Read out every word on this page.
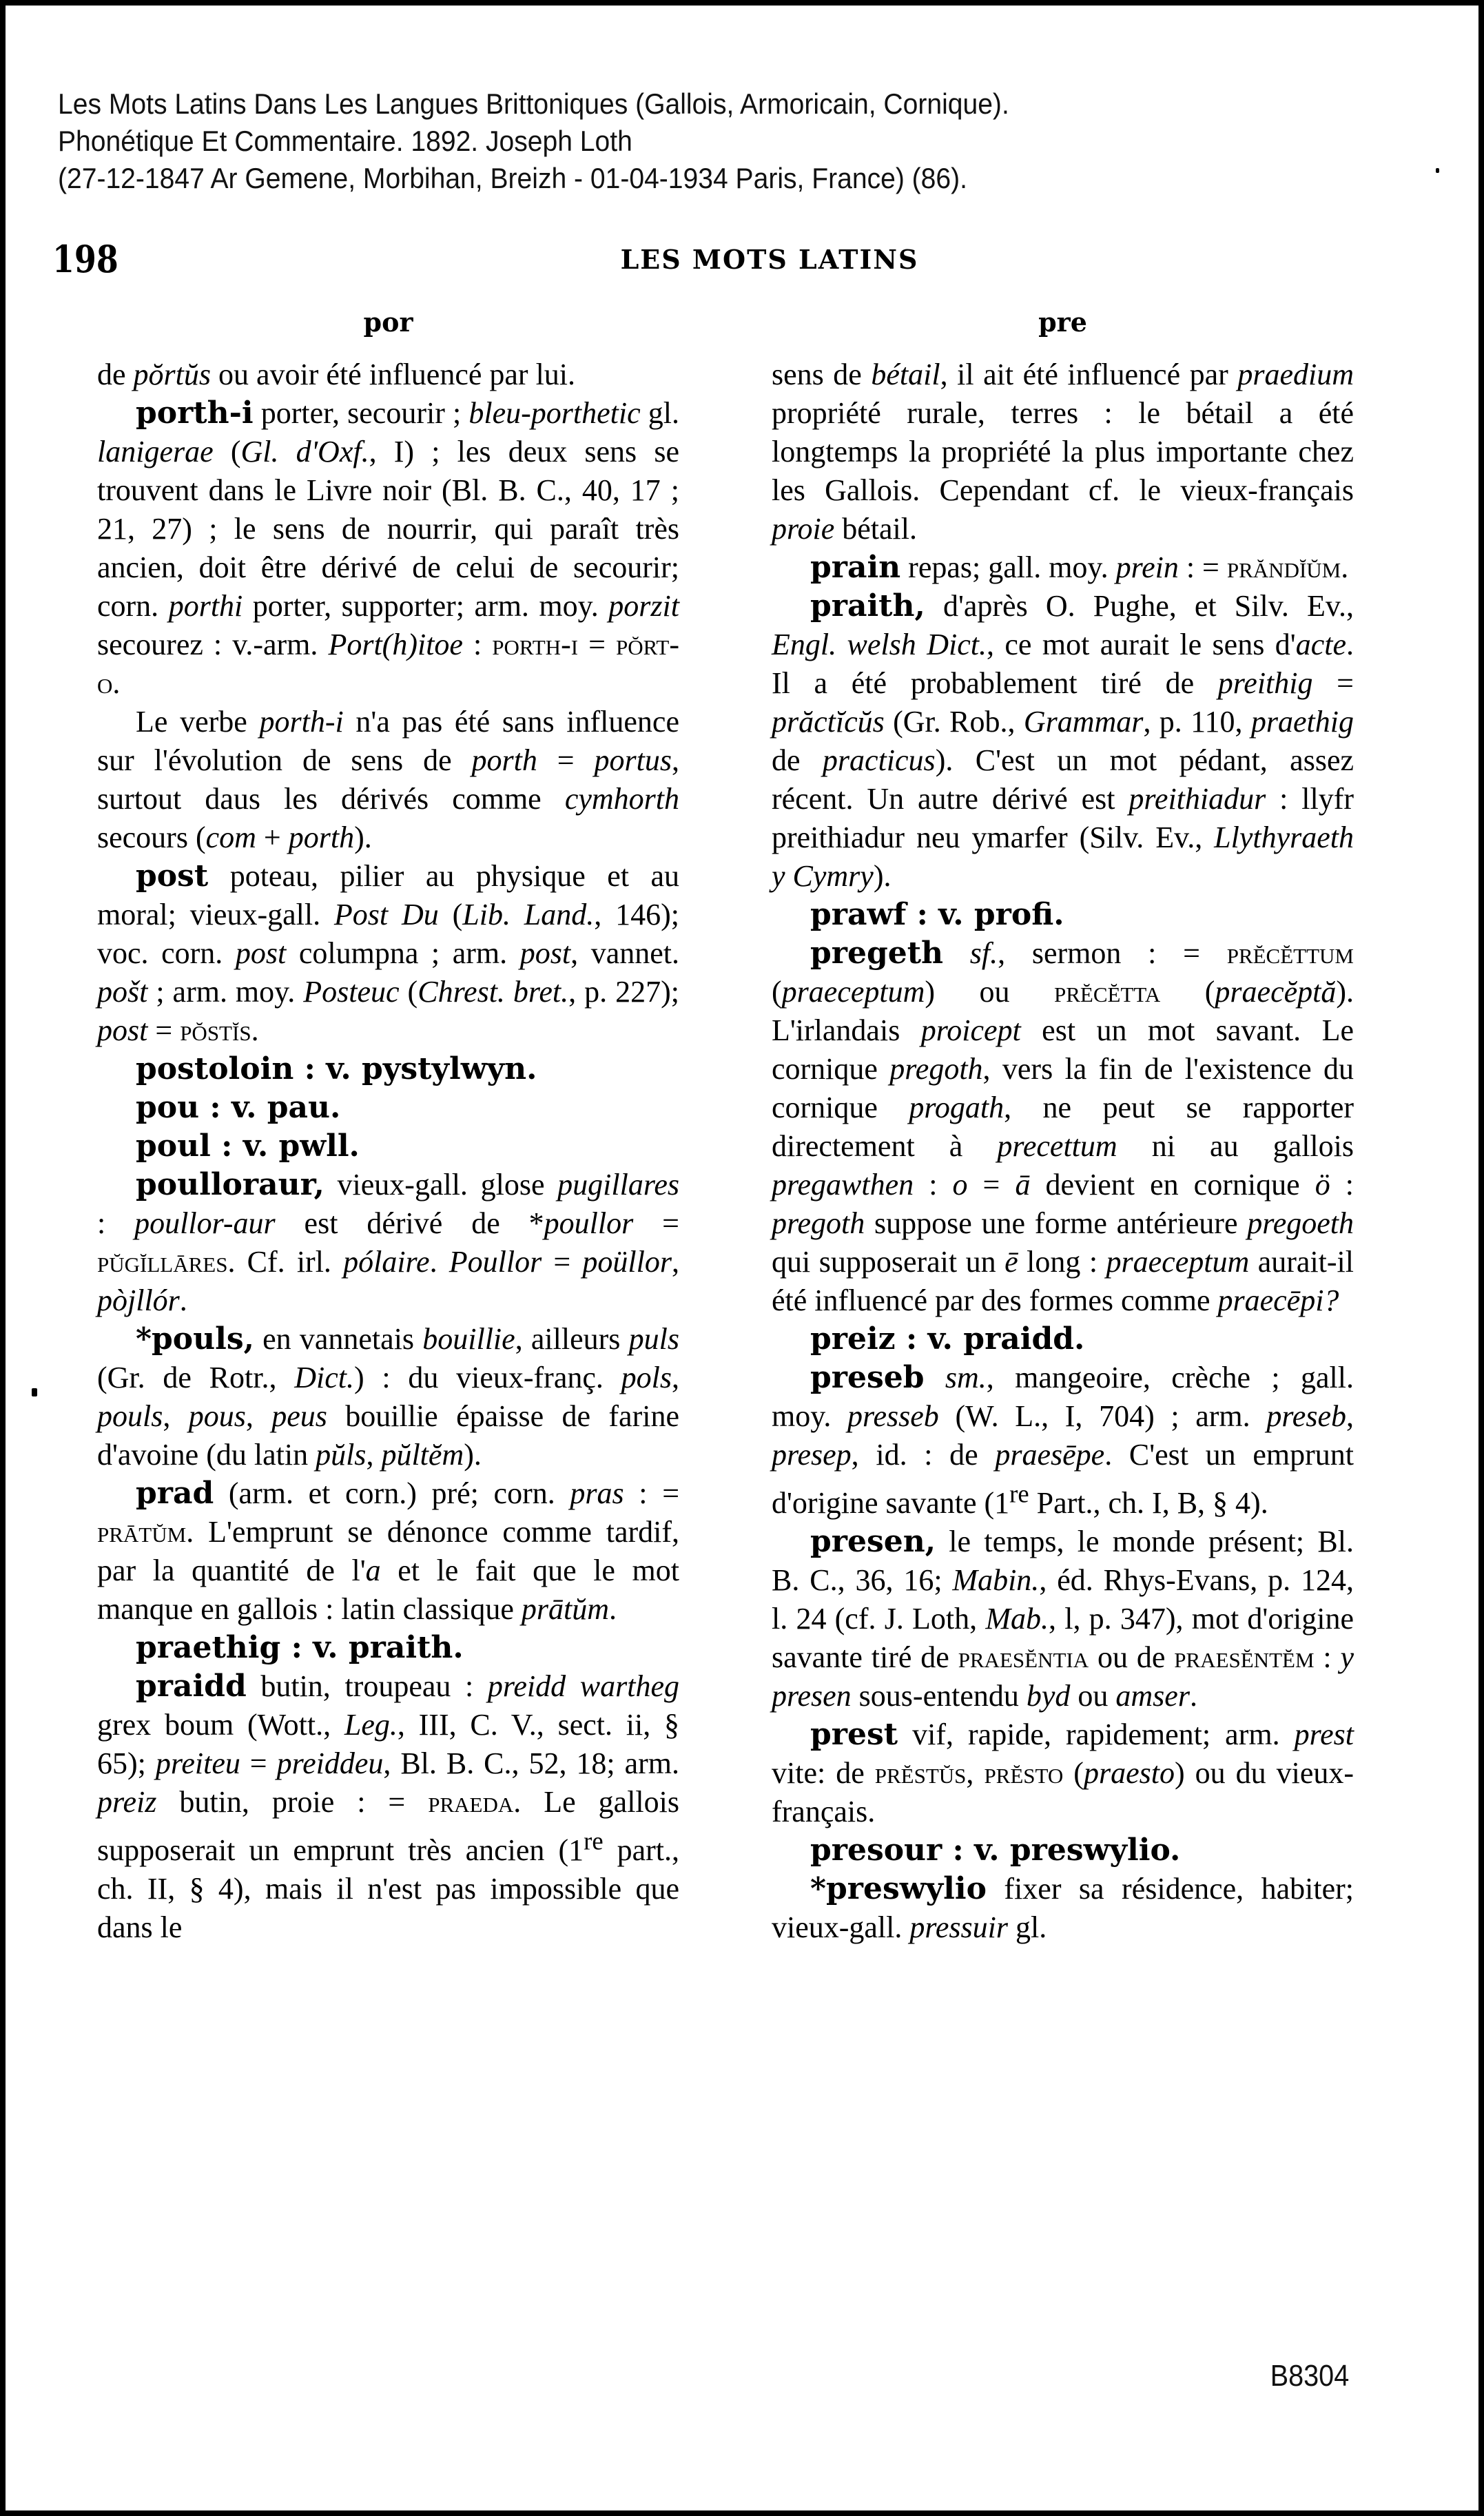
Les Mots Latins Dans Les Langues Brittoniques (Gallois, Armoricain, Cornique).
Phonétique Et Commentaire. 1892. Joseph Loth
(27-12-1847 Ar Gemene, Morbihan, Breizh - 01-04-1934 Paris, France) (86).
198	LES MOTS LATINS
por

de pŏrtŭs ou avoir été influencé par lui.

porth-i porter, secourir ; bleu-porthetic gl. lanigerae (Gl. d'Oxf., I) ; les deux sens se trouvent dans le Livre noir (Bl. B. C., 40, 17 ; 21, 27) ; le sens de nourrir, qui paraît très ancien, doit être dérivé de celui de secourir; corn. porthi porter, supporter; arm. moy. porzit secourez : v.-arm. Port(h)itoe : porth-i = pŏrt-o.

Le verbe porth-i n'a pas été sans influence sur l'évolution de sens de porth = portus, surtout daus les dérivés comme cymhorth secours (com + porth).

post poteau, pilier au physique et au moral; vieux-gall. Post Du (Lib. Land., 146); voc. corn. post columpna ; arm. post, vannet. pošt ; arm. moy. Posteuc (Chrest. bret., p. 227); post = pŏstĭs.

postoloin : v. pystylwyn.

pou : v. pau.

poul : v. pwll.

poulloraur, vieux-gall. glose pugillares : poullor-aur est dérivé de *poullor = pŭgĭllāres. Cf. irl. pólaire. Poullor = poüllor, pòjllór.

*pouls, en vannetais bouillie, ailleurs puls (Gr. de Rotr., Dict.) : du vieux-franç. pols, pouls, pous, peus bouillie épaisse de farine d'avoine (du latin pŭls, pŭltĕm).

prad (arm. et corn.) pré; corn. pras : = prātŭm. L'emprunt se dénonce comme tardif, par la quantité de l'a et le fait que le mot manque en gallois : latin classique prātŭm.

praethig : v. praith.

praidd butin, troupeau : preidd wartheg grex boum (Wott., Leg., III, C. V., sect. ii, § 65); preiteu = preiddeu, Bl. B. C., 52, 18; arm. preiz butin, proie : = praeda. Le gallois supposerait un emprunt très ancien (1re part., ch. II, § 4), mais il n'est pas impossible que dans le

pre

sens de bétail, il ait été influencé par praedium propriété rurale, terres : le bétail a été longtemps la propriété la plus importante chez les Gallois. Cependant cf. le vieux-français proie bétail.

prain repas; gall. moy. prein : = prăndĭŭm.

praith, d'après O. Pughe, et Silv. Ev., Engl. welsh Dict., ce mot aurait le sens d'acte. Il a été probablement tiré de preithig = prăctĭcŭs (Gr. Rob., Grammar, p. 110, praethig de practicus). C'est un mot pédant, assez récent. Un autre dérivé est preithiadur : llyfr preithiadur neu ymarfer (Silv. Ev., Llythyraeth y Cymry).

prawf : v. profi.

pregeth sf., sermon : = prĕcĕttum (praeceptum) ou prĕcĕtta (praecĕptă). L'irlandais proicept est un mot savant. Le cornique pregoth, vers la fin de l'existence du cornique progath, ne peut se rapporter directement à precettum ni au gallois pregawthen : o = ā devient en cornique ö : pregoth suppose une forme antérieure pregoeth qui supposerait un ē long : praeceptum aurait-il été influencé par des formes comme praecēpi?

preiz : v. praidd.

preseb sm., mangeoire, crèche ; gall. moy. presseb (W. L., I, 704) ; arm. preseb, presep, id. : de praesēpe. C'est un emprunt d'origine savante (1re Part., ch. I, B, § 4).

presen, le temps, le monde présent; Bl. B. C., 36, 16; Mabin., éd. Rhys-Evans, p. 124, l. 24 (cf. J. Loth, Mab., l, p. 347), mot d'origine savante tiré de praesĕntia ou de praesĕntĕm : y presen sous-entendu byd ou amser.

prest vif, rapide, rapidement; arm. prest vite: de prĕstŭs, prĕsto (praesto) ou du vieux-français.

presour : v. preswylio.

*preswylio fixer sa résidence, habiter; vieux-gall. pressuir gl.

B8304
